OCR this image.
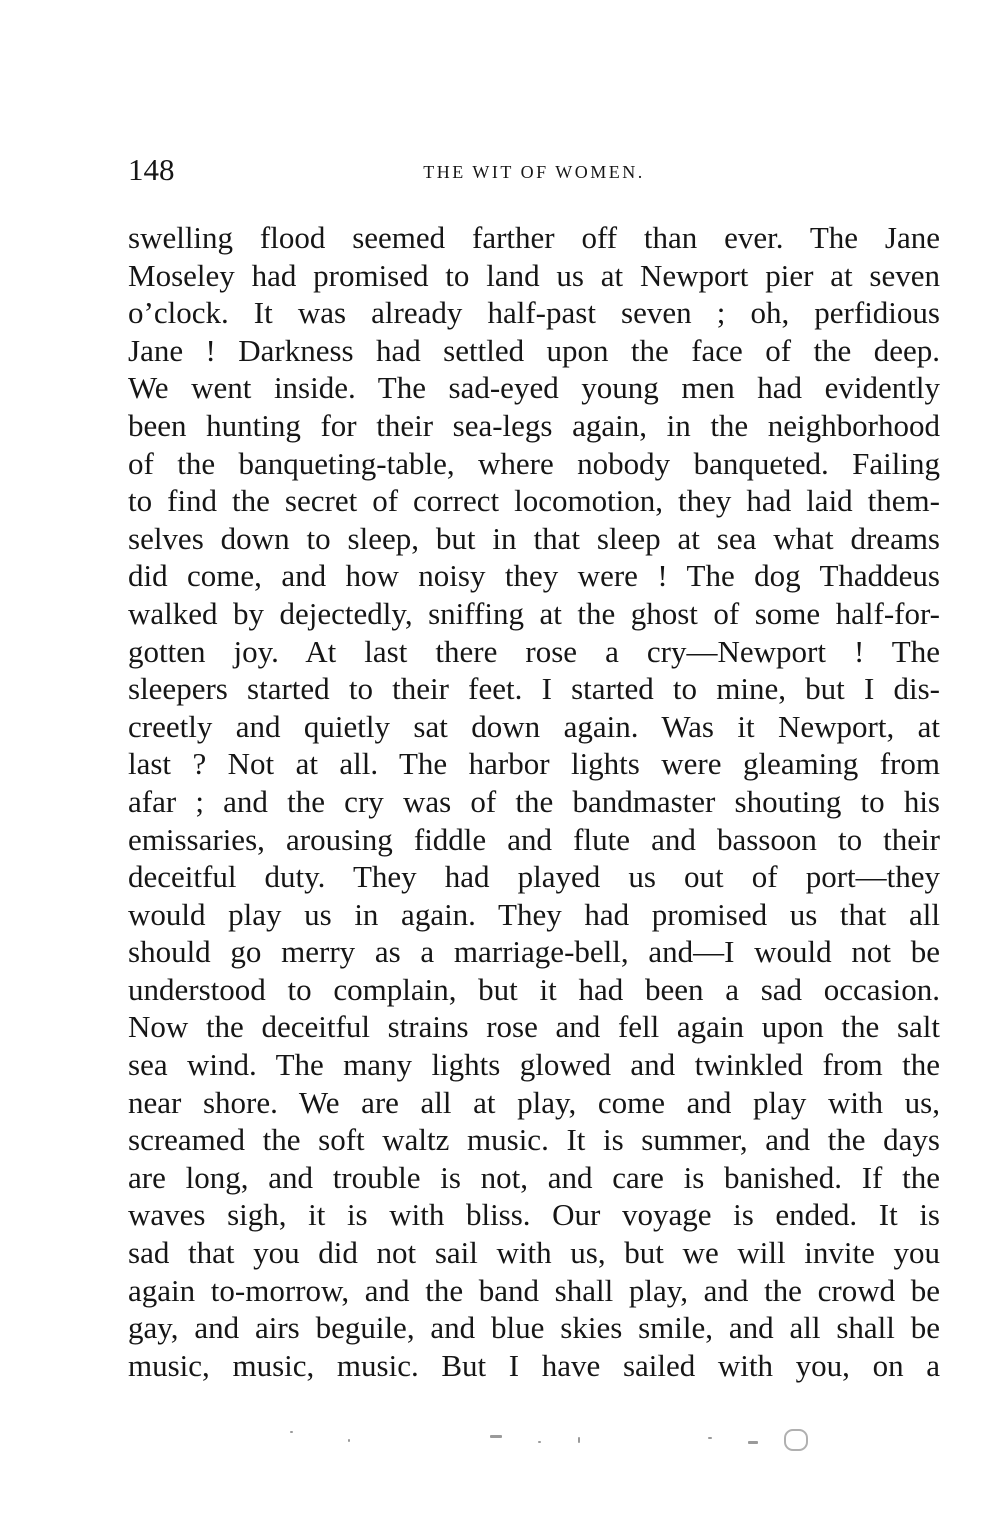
148	THE WIT OF WOMEN.
swelling flood seemed farther off than ever. The Jane
Moseley had promised to land us at Newport pier at seven
o’clock. It was already half-past seven ; oh, perfidious
Jane ! Darkness had settled upon the face of the deep.
We went inside. The sad-eyed young men had evidently
been hunting for their sea-legs again, in the neighborhood
of the banqueting-table, where nobody banqueted. Failing
to find the secret of correct locomotion, they had laid them-
selves down to sleep, but in that sleep at sea what dreams
did come, and how noisy they were ! The dog Thaddeus
walked by dejectedly, sniffing at the ghost of some half-for-
gotten joy. At last there rose a cry—Newport ! The
sleepers started to their feet. I started to mine, but I dis-
creetly and quietly sat down again. Was it Newport, at
last ? Not at all. The harbor lights were gleaming from
afar ; and the cry was of the bandmaster shouting to his
emissaries, arousing fiddle and flute and bassoon to their
deceitful duty. They had played us out of port—they
would play us in again. They had promised us that all
should go merry as a marriage-bell, and—I would not be
understood to complain, but it had been a sad occasion.
Now the deceitful strains rose and fell again upon the salt
sea wind. The many lights glowed and twinkled from the
near shore. We are all at play, come and play with us,
screamed the soft waltz music. It is summer, and the days
are long, and trouble is not, and care is banished. If the
waves sigh, it is with bliss. Our voyage is ended. It is
sad that you did not sail with us, but we will invite you
again to-morrow, and the band shall play, and the crowd be
gay, and airs beguile, and blue skies smile, and all shall be
music, music, music. But I have sailed with you, on a
